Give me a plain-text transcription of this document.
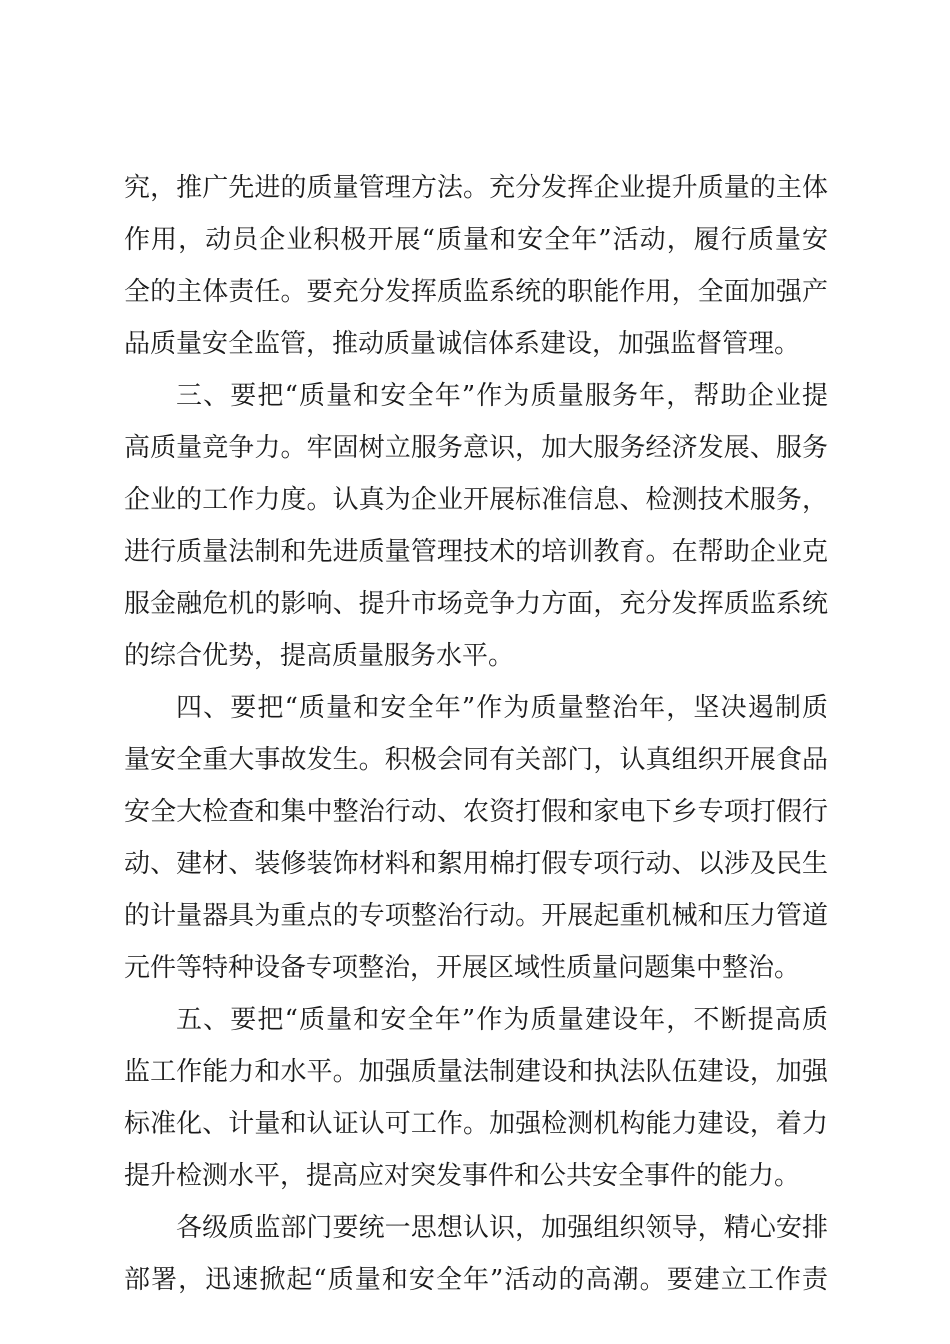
究，推广先进的质量管理方法。充分发挥企业提升质量的主体

作用，动员企业积极开展“质量和安全年”活动，履行质量安

全的主体责任。要充分发挥质监系统的职能作用，全面加强产

品质量安全监管，推动质量诚信体系建设，加强监督管理。

三、要把“质量和安全年”作为质量服务年，帮助企业提

高质量竞争力。牢固树立服务意识，加大服务经济发展、服务

企业的工作力度。认真为企业开展标准信息、检测技术服务，

进行质量法制和先进质量管理技术的培训教育。在帮助企业克

服金融危机的影响、提升市场竞争力方面，充分发挥质监系统

的综合优势，提高质量服务水平。

四、要把“质量和安全年”作为质量整治年，坚决遏制质

量安全重大事故发生。积极会同有关部门，认真组织开展食品

安全大检查和集中整治行动、农资打假和家电下乡专项打假行

动、建材、装修装饰材料和絮用棉打假专项行动、以涉及民生

的计量器具为重点的专项整治行动。开展起重机械和压力管道

元件等特种设备专项整治，开展区域性质量问题集中整治。

五、要把“质量和安全年”作为质量建设年，不断提高质

监工作能力和水平。加强质量法制建设和执法队伍建设，加强

标准化、计量和认证认可工作。加强检测机构能力建设，着力

提升检测水平，提高应对突发事件和公共安全事件的能力。

各级质监部门要统一思想认识，加强组织领导，精心安排

部署，迅速掀起“质量和安全年”活动的高潮。要建立工作责
